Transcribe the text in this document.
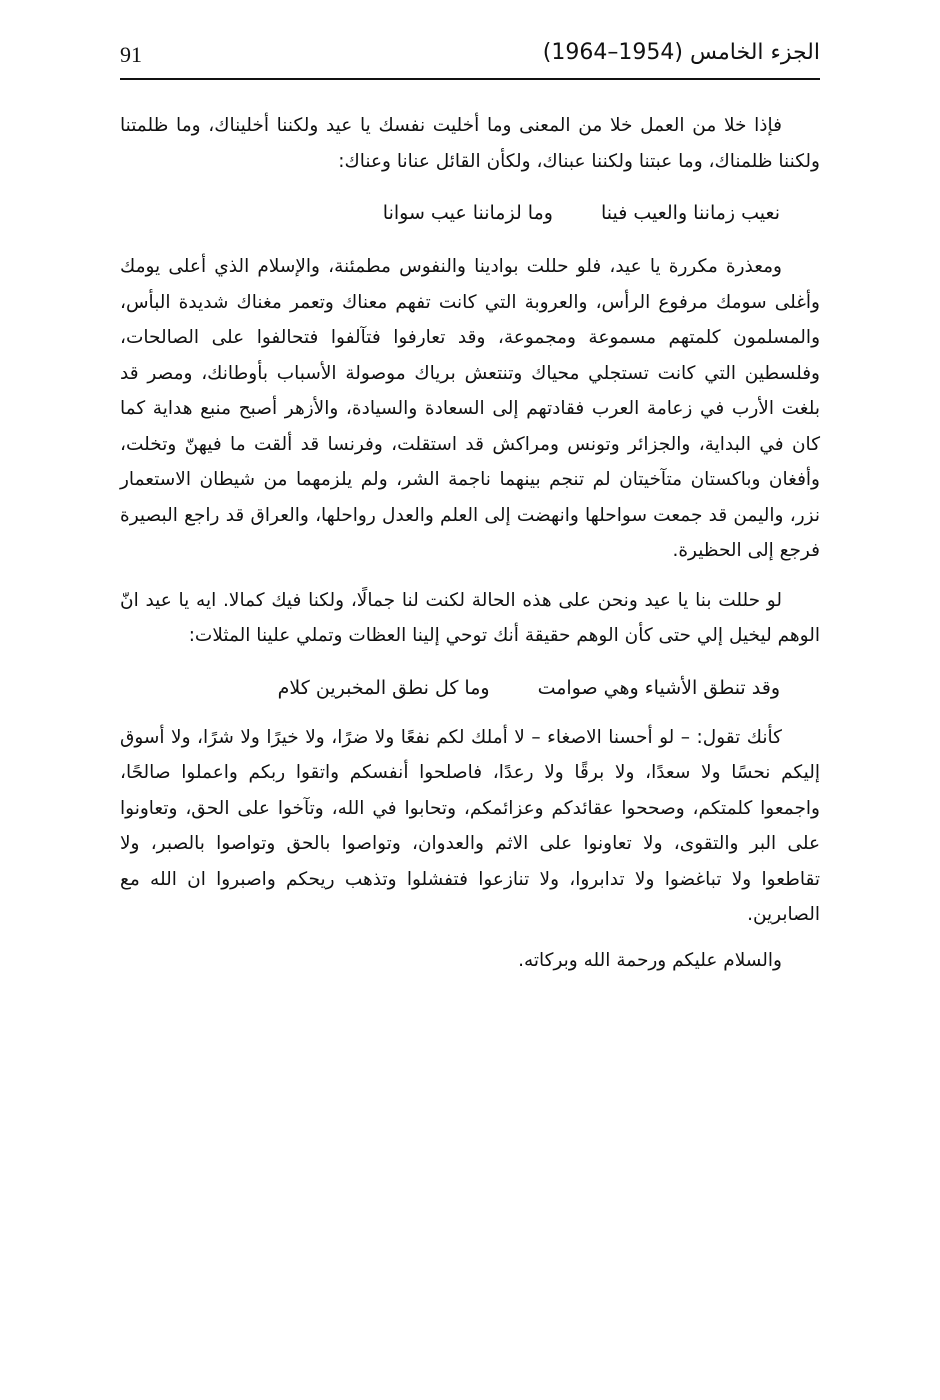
91	الجزء الخامس (1954–1964)

فإذا خلا من العمل خلا من المعنى وما أخليت نفسك يا عيد ولكننا أخليناك، وما ظلمتنا ولكننا ظلمناك، وما عبتنا ولكننا عبناك، ولكأن القائل عنانا وعناك:

نعيب زماننا والعيب فينا
وما لزماننا عيب سوانا

ومعذرة مكررة يا عيد، فلو حللت بوادينا والنفوس مطمئنة، والإسلام الذي أعلى يومك وأغلى سومك مرفوع الرأس، والعروبة التي كانت تفهم معناك وتعمر مغناك شديدة البأس، والمسلمون كلمتهم مسموعة ومجموعة، وقد تعارفوا فتآلفوا فتحالفوا على الصالحات، وفلسطين التي كانت تستجلي محياك وتنتعش برياك موصولة الأسباب بأوطانك، ومصر قد بلغت الأرب في زعامة العرب فقادتهم إلى السعادة والسيادة، والأزهر أصبح منبع هداية كما كان في البداية، والجزائر وتونس ومراكش قد استقلت، وفرنسا قد ألقت ما فيهنّ وتخلت، وأفغان وباكستان متآخيتان لم تنجم بينهما ناجمة الشر، ولم يلزمهما من شيطان الاستعمار نزر، واليمن قد جمعت سواحلها وانهضت إلى العلم والعدل رواحلها، والعراق قد راجع البصيرة فرجع إلى الحظيرة.

لو حللت بنا يا عيد ونحن على هذه الحالة لكنت لنا جمالًا، ولكنا فيك كمالا. ايه يا عيد انّ الوهم ليخيل إلي حتى كأن الوهم حقيقة أنك توحي إلينا العظات وتملي علينا المثلات:

وقد تنطق الأشياء وهي صوامت
وما كل نطق المخبرين كلام

كأنك تقول: – لو أحسنا الاصغاء – لا أملك لكم نفعًا ولا ضرًا، ولا خيرًا ولا شرًا، ولا أسوق إليكم نحسًا ولا سعدًا، ولا برقًا ولا رعدًا، فاصلحوا أنفسكم واتقوا ربكم واعملوا صالحًا، واجمعوا كلمتكم، وصححوا عقائدكم وعزائمكم، وتحابوا في الله، وتآخوا على الحق، وتعاونوا على البر والتقوى، ولا تعاونوا على الاثم والعدوان، وتواصوا بالحق وتواصوا بالصبر، ولا تقاطعوا ولا تباغضوا ولا تدابروا، ولا تنازعوا فتفشلوا وتذهب ريحكم واصبروا ان الله مع الصابرين.

والسلام عليكم ورحمة الله وبركاته.
